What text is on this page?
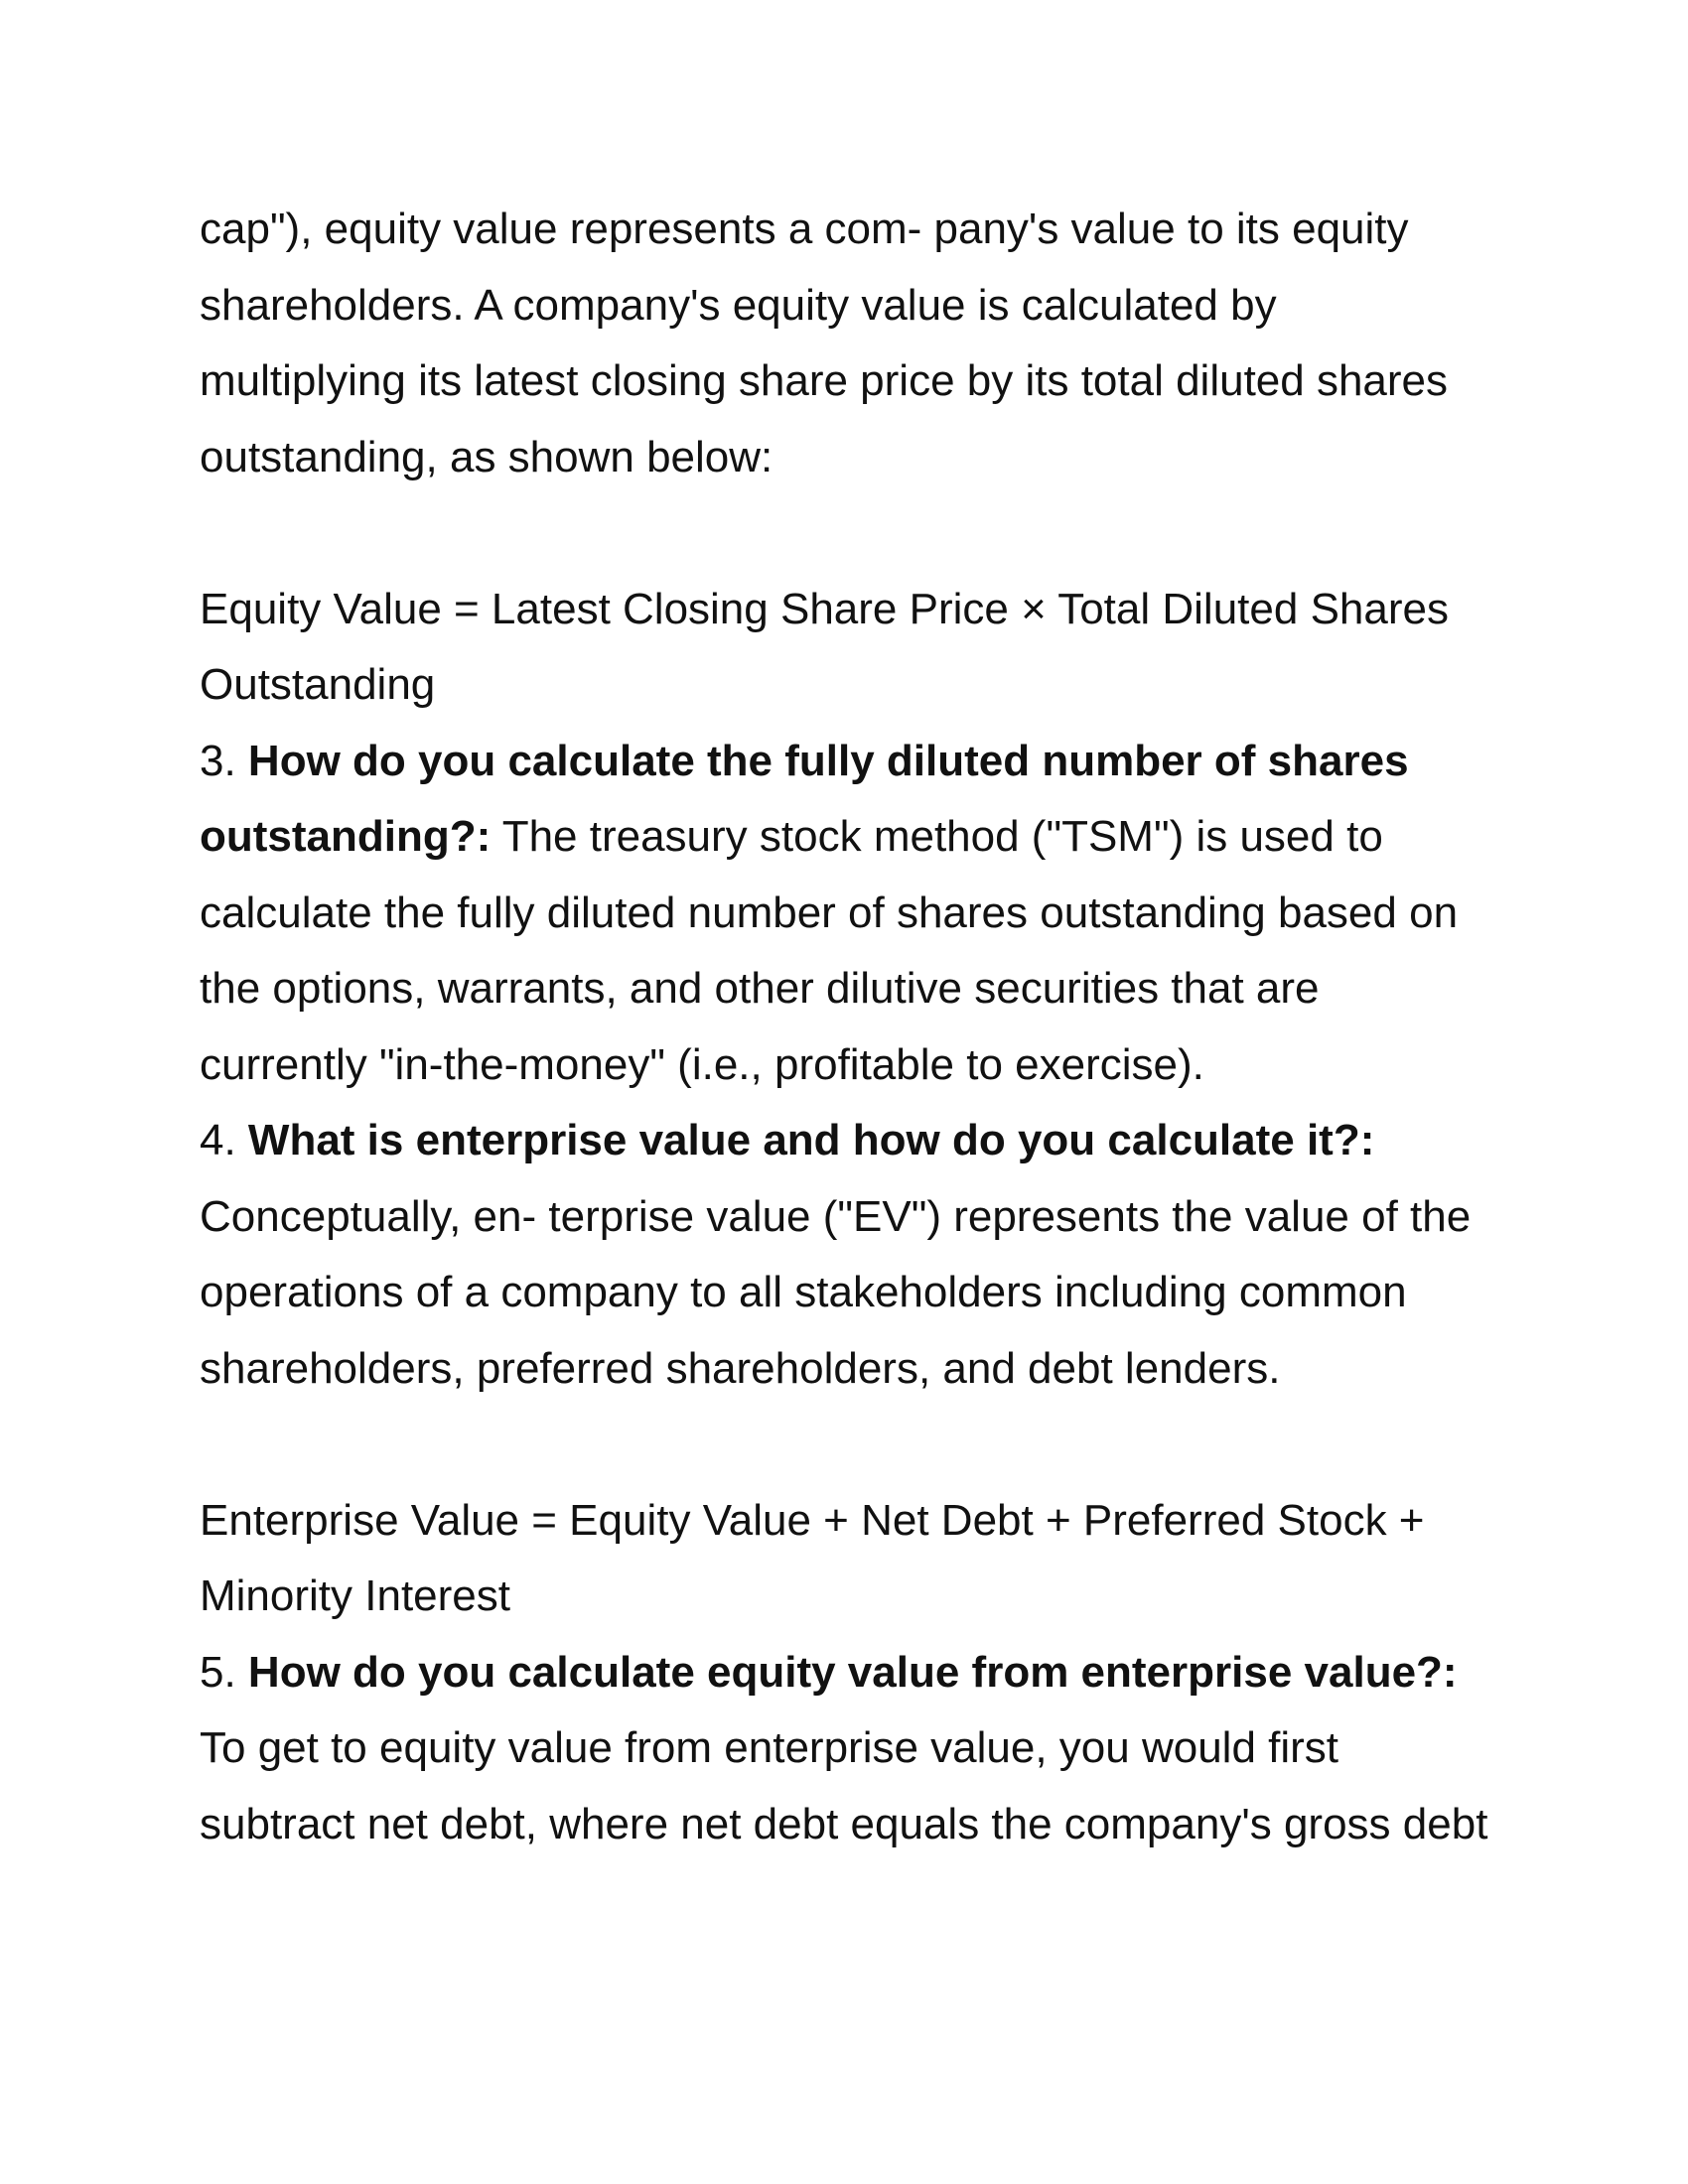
cap"), equity value represents a com- pany's value to its equity
shareholders. A company's equity value is calculated by
multiplying its latest closing share price by its total diluted shares
outstanding, as shown below:
Equity Value = Latest Closing Share Price × Total Diluted Shares
Outstanding
3. How do you calculate the fully diluted number of shares
outstanding?: The treasury stock method ("TSM") is used to
calculate the fully diluted number of shares outstanding based on
the options, warrants, and other dilutive securities that are
currently "in-the-money" (i.e., profitable to exercise).
4. What is enterprise value and how do you calculate it?:
Conceptually, en- terprise value ("EV") represents the value of the
operations of a company to all stakeholders including common
shareholders, preferred shareholders, and debt lenders.
Enterprise Value = Equity Value + Net Debt + Preferred Stock +
Minority Interest
5. How do you calculate equity value from enterprise value?:
To get to equity value from enterprise value, you would first
subtract net debt, where net debt equals the company's gross debt
